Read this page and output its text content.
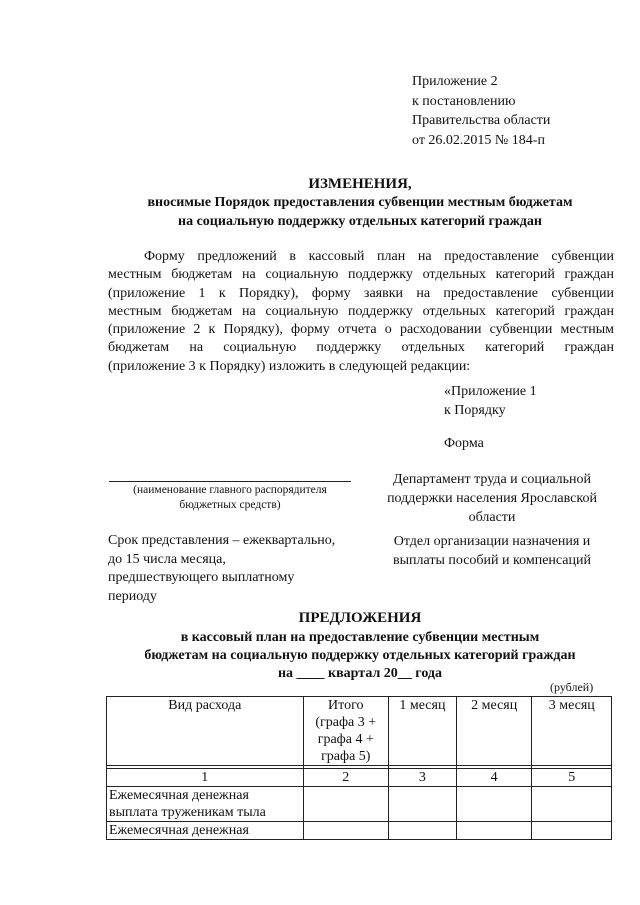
Приложение 2
к постановлению
Правительства области
от 26.02.2015 № 184-п
ИЗМЕНЕНИЯ,
вносимые Порядок предоставления субвенции местным бюджетам
на социальную поддержку отдельных категорий граждан
Форму предложений в кассовый план на предоставление субвенции
местным бюджетам на социальную поддержку отдельных категорий граждан
(приложение 1 к Порядку), форму заявки на предоставление субвенции
местным бюджетам на социальную поддержку отдельных категорий граждан
(приложение 2 к Порядку), форму отчета о расходовании субвенции местным
бюджетам на социальную поддержку отдельных категорий граждан
(приложение 3 к Порядку) изложить в следующей редакции:
«Приложение 1
к Порядку
Форма
(наименование главного распорядителя
бюджетных средств)
Департамент труда и социальной
поддержки населения Ярославской
области
Срок представления – ежеквартально,
до 15 числа месяца,
предшествующего выплатному
периоду
Отдел организации назначения и
выплаты пособий и компенсаций
ПРЕДЛОЖЕНИЯ
в кассовый план на предоставление субвенции местным
бюджетам на социальную поддержку отдельных категорий граждан
на ____ квартал 20__ года
(рублей)
Вид расхода	Итого
(графа 3 +
графа 4 +
графа 5)	1 месяц	2 месяц	3 месяц

1	2	3	4	5

Ежемесячная денежная
выплата труженикам тыла				

Ежемесячная денежная				
